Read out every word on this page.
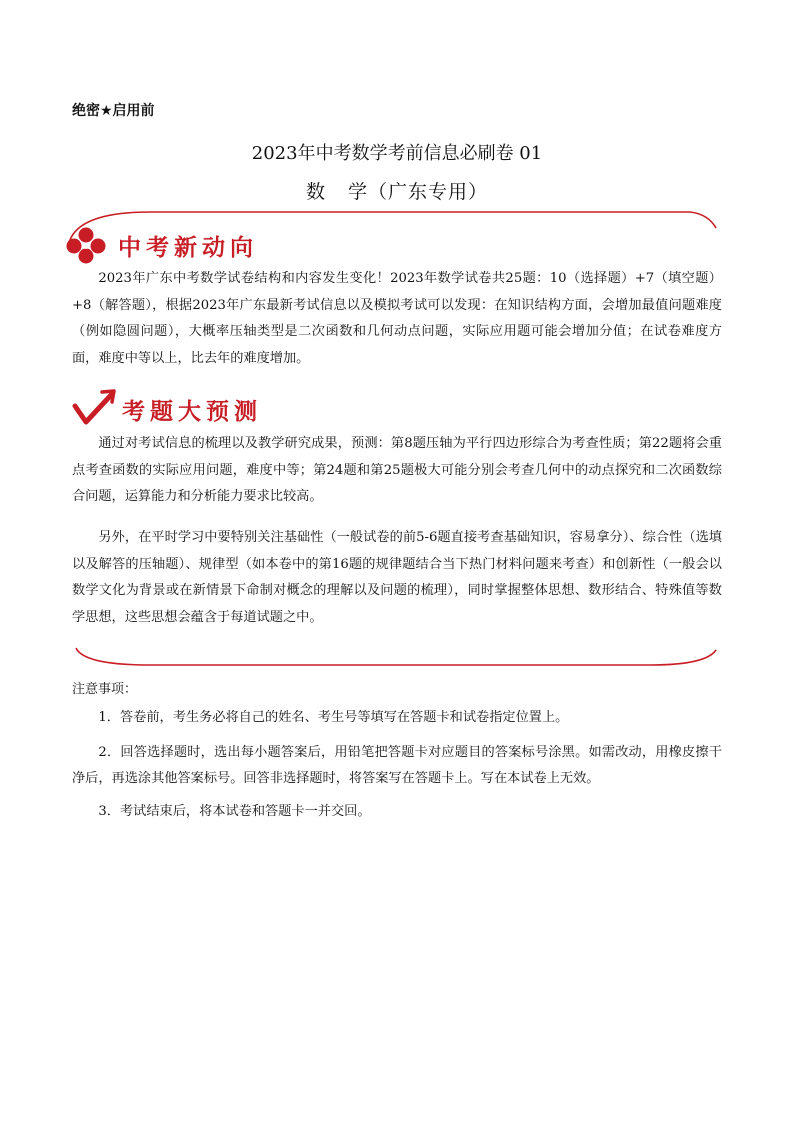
绝密★启用前
2023年中考数学考前信息必刷卷 01
数 学（广东专用）
中考新动向

2023年广东中考数学试卷结构和内容发生变化！2023年数学试卷共25题：10（选择题）+7（填空题）+8（解答题），根据2023年广东最新考试信息以及模拟考试可以发现：在知识结构方面，会增加最值问题难度（例如隐圆问题），大概率压轴类型是二次函数和几何动点问题，实际应用题可能会增加分值；在试卷难度方面，难度中等以上，比去年的难度增加。

考题大预测

通过对考试信息的梳理以及教学研究成果，预测：第8题压轴为平行四边形综合为考查性质；第22题将会重点考查函数的实际应用问题，难度中等；第24题和第25题极大可能分别会考查几何中的动点探究和二次函数综合问题，运算能力和分析能力要求比较高。

另外，在平时学习中要特别关注基础性（一般试卷的前5-6题直接考查基础知识，容易拿分）、综合性（选填以及解答的压轴题）、规律型（如本卷中的第16题的规律题结合当下热门材料问题来考查）和创新性（一般会以数学文化为背景或在新情景下命制对概念的理解以及问题的梳理），同时掌握整体思想、数形结合、特殊值等数学思想，这些思想会蕴含于每道试题之中。

注意事项：

1．答卷前，考生务必将自己的姓名、考生号等填写在答题卡和试卷指定位置上。

2．回答选择题时，选出每小题答案后，用铅笔把答题卡对应题目的答案标号涂黑。如需改动，用橡皮擦干净后，再选涂其他答案标号。回答非选择题时，将答案写在答题卡上。写在本试卷上无效。

3．考试结束后，将本试卷和答题卡一并交回。
